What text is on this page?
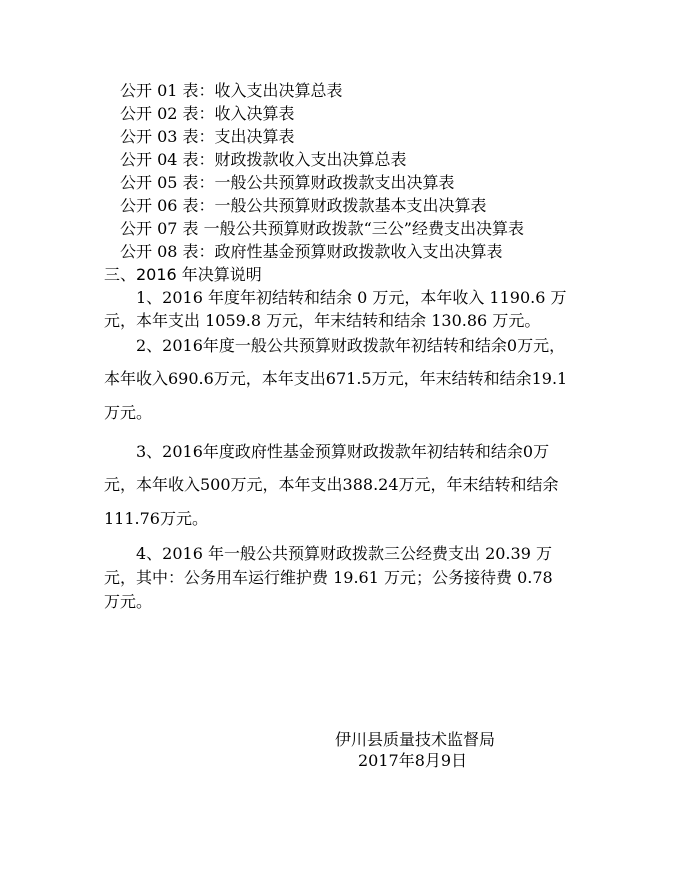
公开 01 表：收入支出决算总表
公开 02 表：收入决算表
公开 03 表：支出决算表
公开 04 表：财政拨款收入支出决算总表
公开 05 表：一般公共预算财政拨款支出决算表
公开 06 表：一般公共预算财政拨款基本支出决算表
公开 07 表 一般公共预算财政拨款“三公”经费支出决算表
公开 08 表：政府性基金预算财政拨款收入支出决算表
三、2016 年决算说明
1、2016 年度年初结转和结余 0 万元，本年收入 1190.6 万
元，本年支出 1059.8 万元，年末结转和结余 130.86 万元。
2、2016年度一般公共预算财政拨款年初结转和结余0万元，
本年收入690.6万元，本年支出671.5万元，年末结转和结余19.1
万元。
3、2016年度政府性基金预算财政拨款年初结转和结余0万
元，本年收入500万元，本年支出388.24万元，年末结转和结余
111.76万元。
4、2016 年一般公共预算财政拨款三公经费支出 20.39 万
元，其中：公务用车运行维护费 19.61 万元；公务接待费 0.78
万元。
伊川县质量技术监督局
2017年8月9日
